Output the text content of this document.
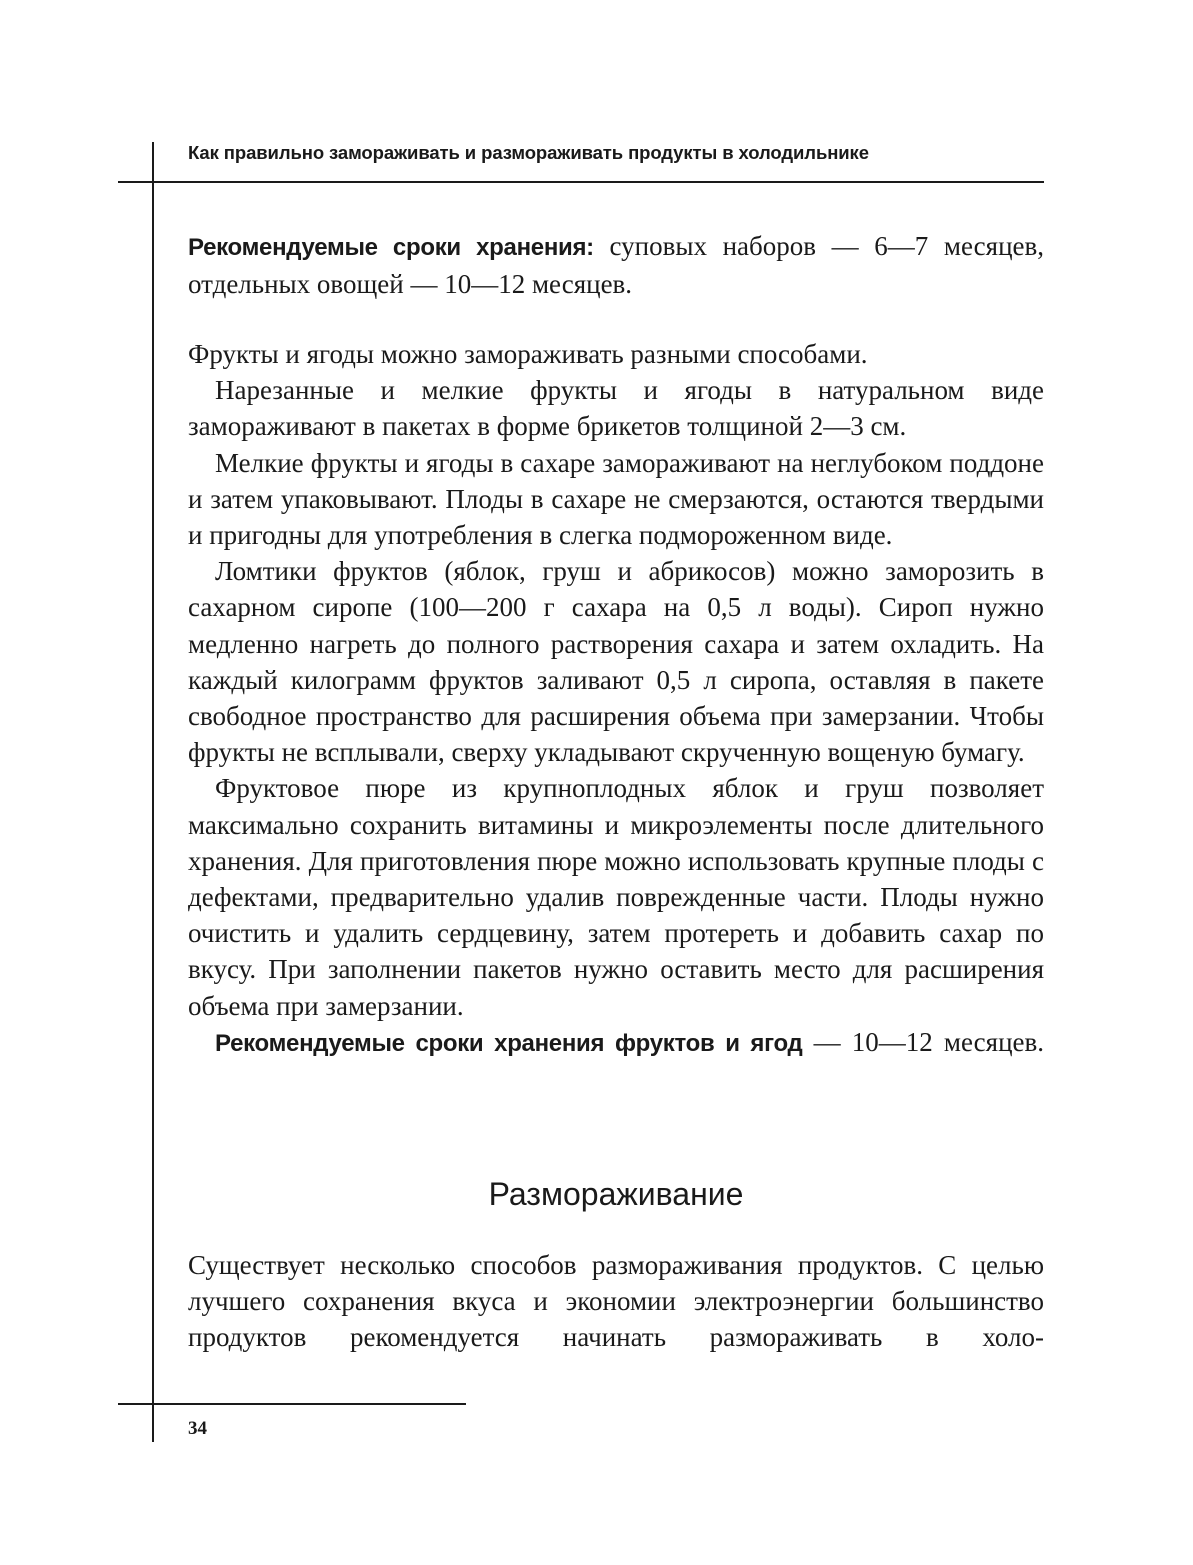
Как правильно замораживать и размораживать продукты в холодильнике

Рекомендуемые сроки хранения: суповых наборов — 6—7 месяцев, отдельных овощей — 10—12 месяцев.

Фрукты и ягоды можно замораживать разными способами.

Нарезанные и мелкие фрукты и ягоды в натуральном виде замораживают в пакетах в форме брикетов толщиной 2—3 см.

Мелкие фрукты и ягоды в сахаре замораживают на неглубоком поддоне и затем упаковывают. Плоды в сахаре не смерзаются, остаются твердыми и пригодны для употребления в слегка подмороженном виде.

Ломтики фруктов (яблок, груш и абрикосов) можно заморозить в сахарном сиропе (100—200 г сахара на 0,5 л воды). Сироп нужно медленно нагреть до полного растворения сахара и затем охладить. На каждый килограмм фруктов заливают 0,5 л сиропа, оставляя в пакете свободное пространство для расширения объема при замерзании. Чтобы фрукты не всплывали, сверху укладывают скрученную вощеную бумагу.

Фруктовое пюре из крупноплодных яблок и груш позволяет максимально сохранить витамины и микроэлементы после длительного хранения. Для приготовления пюре можно использовать крупные плоды с дефектами, предварительно удалив поврежденные части. Плоды нужно очистить и удалить сердцевину, затем протереть и добавить сахар по вкусу. При заполнении пакетов нужно оставить место для расширения объема при замерзании.

Рекомендуемые сроки хранения фруктов и ягод — 10—12 месяцев.

Размораживание

Существует несколько способов размораживания продуктов. С целью лучшего сохранения вкуса и экономии электроэнергии большинство продуктов рекомендуется начинать размораживать в холо-

34
